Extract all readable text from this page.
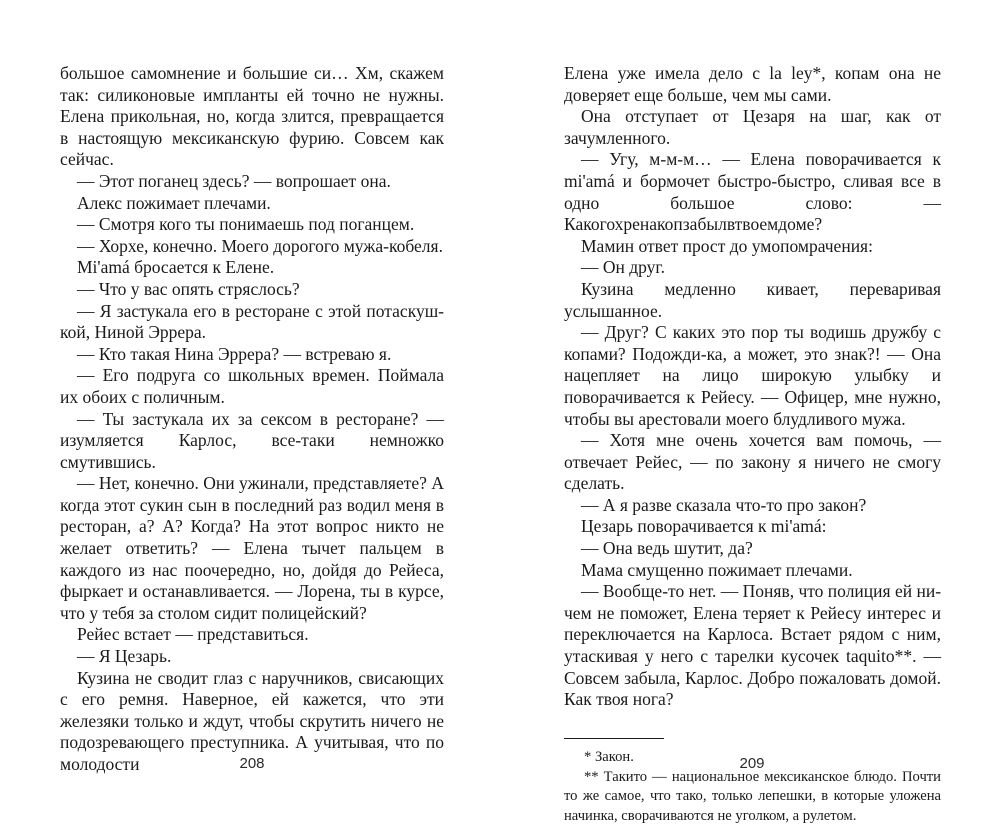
большое самомнение и большие си… Хм, скажем так: силиконовые импланты ей точно не нужны. Елена прикольная, но, когда злится, превращается в настоящую мексиканскую фурию. Совсем как сейчас.

— Этот поганец здесь? — вопрошает она.

Алекс пожимает плечами.

— Смотря кого ты понимаешь под поганцем.

— Хорхе, конечно. Моего дорогого мужа-кобеля.

Mi'amá бросается к Елене.

— Что у вас опять стряслось?

— Я застукала его в ресторане с этой потаскушкой, Ниной Эррера.

— Кто такая Нина Эррера? — встреваю я.

— Его подруга со школьных времен. Поймала их обоих с поличным.

— Ты застукала их за сексом в ресторане? — изумляется Карлос, все-таки немножко смутившись.

— Нет, конечно. Они ужинали, представляете? А когда этот сукин сын в последний раз водил меня в ресторан, а? А? Когда? На этот вопрос никто не желает ответить? — Елена тычет пальцем в каждого из нас поочередно, но, дойдя до Рейеса, фыркает и останавливается. — Лорена, ты в курсе, что у тебя за столом сидит полицейский?

Рейес встает — представиться.

— Я Цезарь.

Кузина не сводит глаз с наручников, свисающих с его ремня. Наверное, ей кажется, что эти железяки только и ждут, чтобы скрутить ничего не подозревающего преступника. А учитывая, что по молодости	208

Елена уже имела дело с la ley*, копам она не доверяет еще больше, чем мы сами.

Она отступает от Цезаря на шаг, как от зачумленного.

— Угу, м-м-м… — Елена поворачивается к mi'amá и бормочет быстро-быстро, сливая все в одно большое слово: — Какогохренакопзабылвтвоемдоме?

Мамин ответ прост до умопомрачения:

— Он друг.

Кузина медленно кивает, переваривая услышанное.

— Друг? С каких это пор ты водишь дружбу с копами? Подожди-ка, а может, это знак?! — Она нацепляет на лицо широкую улыбку и поворачивается к Рейесу. — Офицер, мне нужно, чтобы вы арестовали моего блудливого мужа.

— Хотя мне очень хочется вам помочь, — отвечает Рейес, — по закону я ничего не смогу сделать.

— А я разве сказала что-то про закон?

Цезарь поворачивается к mi'amá:

— Она ведь шутит, да?

Мама смущенно пожимает плечами.

— Вообще-то нет. — Поняв, что полиция ей ничем не поможет, Елена теряет к Рейесу интерес и переключается на Карлоса. Встает рядом с ним, утаскивая у него с тарелки кусочек taquito**. — Совсем забыла, Карлос. Добро пожаловать домой. Как твоя нога?

* Закон.

** Такито — национальное мексиканское блюдо. Почти то же самое, что тако, только лепешки, в которые уложена начинка, сворачиваются не уголком, а рулетом.

209
